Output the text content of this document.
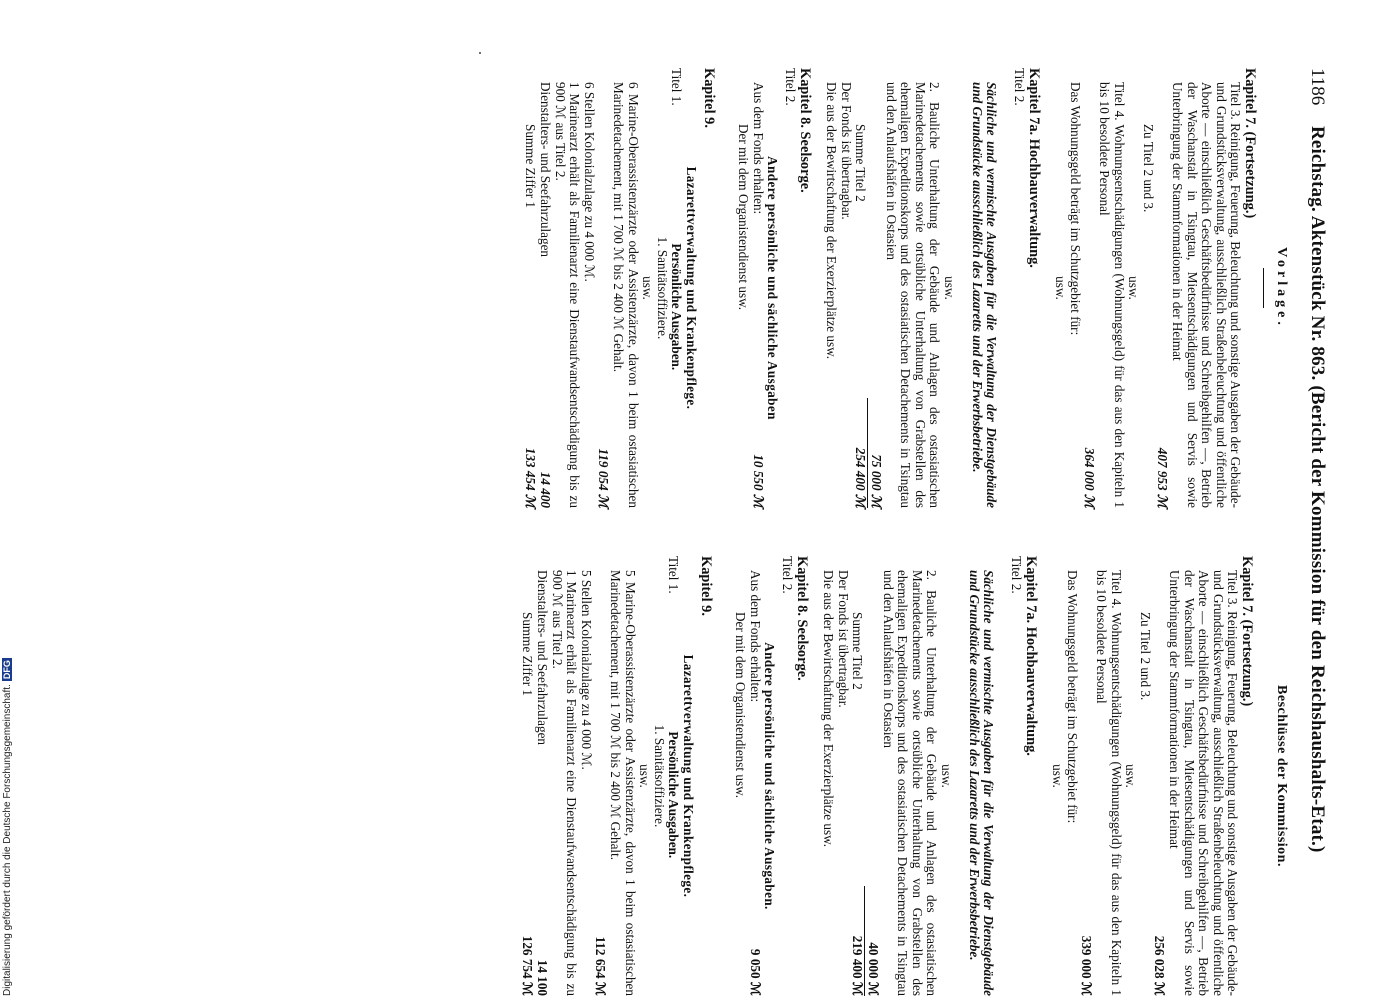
Digitalisierung gefördert durch die Deutsche Forschungsgemeinschaft.DFG
1186
Reichstag. Aktenstück Nr. 863. (Bericht der Kommission für den Reichshaushalts-Etat.)
Vorlage.
Kapitel 7. (Fortsetzung.)

Titel 3. Reinigung, Feuerung, Beleuchtung und sonstige Ausgaben der Gebäude- und Grundstücksverwaltung, ausschließlich Straßenbeleuchtung und öffentliche Aborte — einschließlich Geschäftsbedürfnisse und Schreibgehilfen —, Betrieb der Waschanstalt in Tsingtau, Mietsentschädigungen und Servis sowie Unterbringung der Stammformationen in der Heimat

407 953 ℳ
Zu Titel 2 und 3.
usw.

Titel 4. Wohnungsentschädigungen (Wohnungsgeld) für das aus den Kapiteln 1 bis 10 besoldete Personal

364 000 ℳ

Das Wohnungsgeld beträgt im Schutzgebiet für:

usw.
Kapitel 7a. Hochbauverwaltung.
Titel 2.

Sächliche und vermischte Ausgaben für die Verwaltung der Dienstgebäude und Grundstücke ausschließlich des Lazaretts und der Erwerbsbetriebe.

usw.

2. Bauliche Unterhaltung der Gebäude und Anlagen des ostasiatischen Marinedetachements sowie ortsübliche Unterhaltung von Grabstellen des ehemaligen Expeditionskorps und des ostasiatischen Detachements in Tsingtau und den Anlaufshäfen in Ostasien

75 000 ℳ
Summe Titel 2
254 400 ℳ

Der Fonds ist übertragbar.

Die aus der Bewirtschaftung der Exerzierplätze usw.

Kapitel 8. Seelsorge.
Titel 2.
Andere persönliche und sächliche Ausgaben
Aus dem Fonds erhalten:
10 550 ℳ
Der mit dem Organistendienst usw.
Kapitel 9.
Lazarettverwaltung und Krankenpflege.
Titel 1.
Persönliche Ausgaben.
1. Sanitätsoffiziere.
usw.

6 Marine-Oberassistenzärzte oder Assistenzärzte, davon 1 beim ostasiatischen Marinedetachement, mit 1 700 ℳ bis 2 400 ℳ Gehalt.

119 054 ℳ

6 Stellen Kolonialzulage zu 4 000 ℳ.

1 Marinearzt erhält als Familienarzt eine Dienstaufwandsentschädigung bis zu 900 ℳ aus Titel 2.

Dienstalters- und Seefahrzulagen
14 400
Summe Ziffer 1
133 454 ℳ
Beschlüsse der Kommission.
Kapitel 7. (Fortsetzung.)

Titel 3. Reinigung, Feuerung, Beleuchtung und sonstige Ausgaben der Gebäude- und Grundstücksverwaltung, ausschließlich Straßenbeleuchtung und öffentliche Aborte — einschließlich Geschäftsbedürfnisse und Schreibgehilfen —, Betrieb der Waschanstalt in Tsingtau, Mietsentschädigungen und Servis sowie Unterbringung der Stammformationen in der Heimat

256 028 ℳ
Zu Titel 2 und 3.
usw.

Titel 4. Wohnungsentschädigungen (Wohnungsgeld) für das aus den Kapiteln 1 bis 10 besoldete Personal

339 000 ℳ

Das Wohnungsgeld beträgt im Schutzgebiet für:

usw.
Kapitel 7a. Hochbauverwaltung.
Titel 2.

Sächliche und vermischte Ausgaben für die Verwaltung der Dienstgebäude und Grundstücke ausschließlich des Lazaretts und der Erwerbsbetriebe.

usw.

2. Bauliche Unterhaltung der Gebäude und Anlagen des ostasiatischen Marinedetachements sowie ortsübliche Unterhaltung von Grabstellen des ehemaligen Expeditionskorps und des ostasiatischen Detachements in Tsingtau und den Anlaufshäfen in Ostasien

40 000 ℳ
Summe Titel 2
219 400 ℳ

Der Fonds ist übertragbar.

Die aus der Bewirtschaftung der Exerzierplätze usw.

Kapitel 8. Seelsorge.
Titel 2.
Andere persönliche und sächliche Ausgaben.
Aus dem Fonds erhalten:
9 050 ℳ
Der mit dem Organistendienst usw.
Kapitel 9.
Lazarettverwaltung und Krankenpflege.
Titel 1.
Persönliche Ausgaben.
1. Sanitätsoffiziere.
usw.

5 Marine-Oberassistenzärzte oder Assistenzärzte, davon 1 beim ostasiatischen Marinedetachement, mit 1 700 ℳ bis 2 400 ℳ Gehalt.

112 654 ℳ

5 Stellen Kolonialzulage zu 4 000 ℳ.

1 Marinearzt erhält als Familienarzt eine Dienstaufwandsentschädigung bis zu 900 ℳ aus Titel 2.

Dienstalters- und Seefahrzulagen
14 100
Summe Ziffer 1
126 754 ℳ
